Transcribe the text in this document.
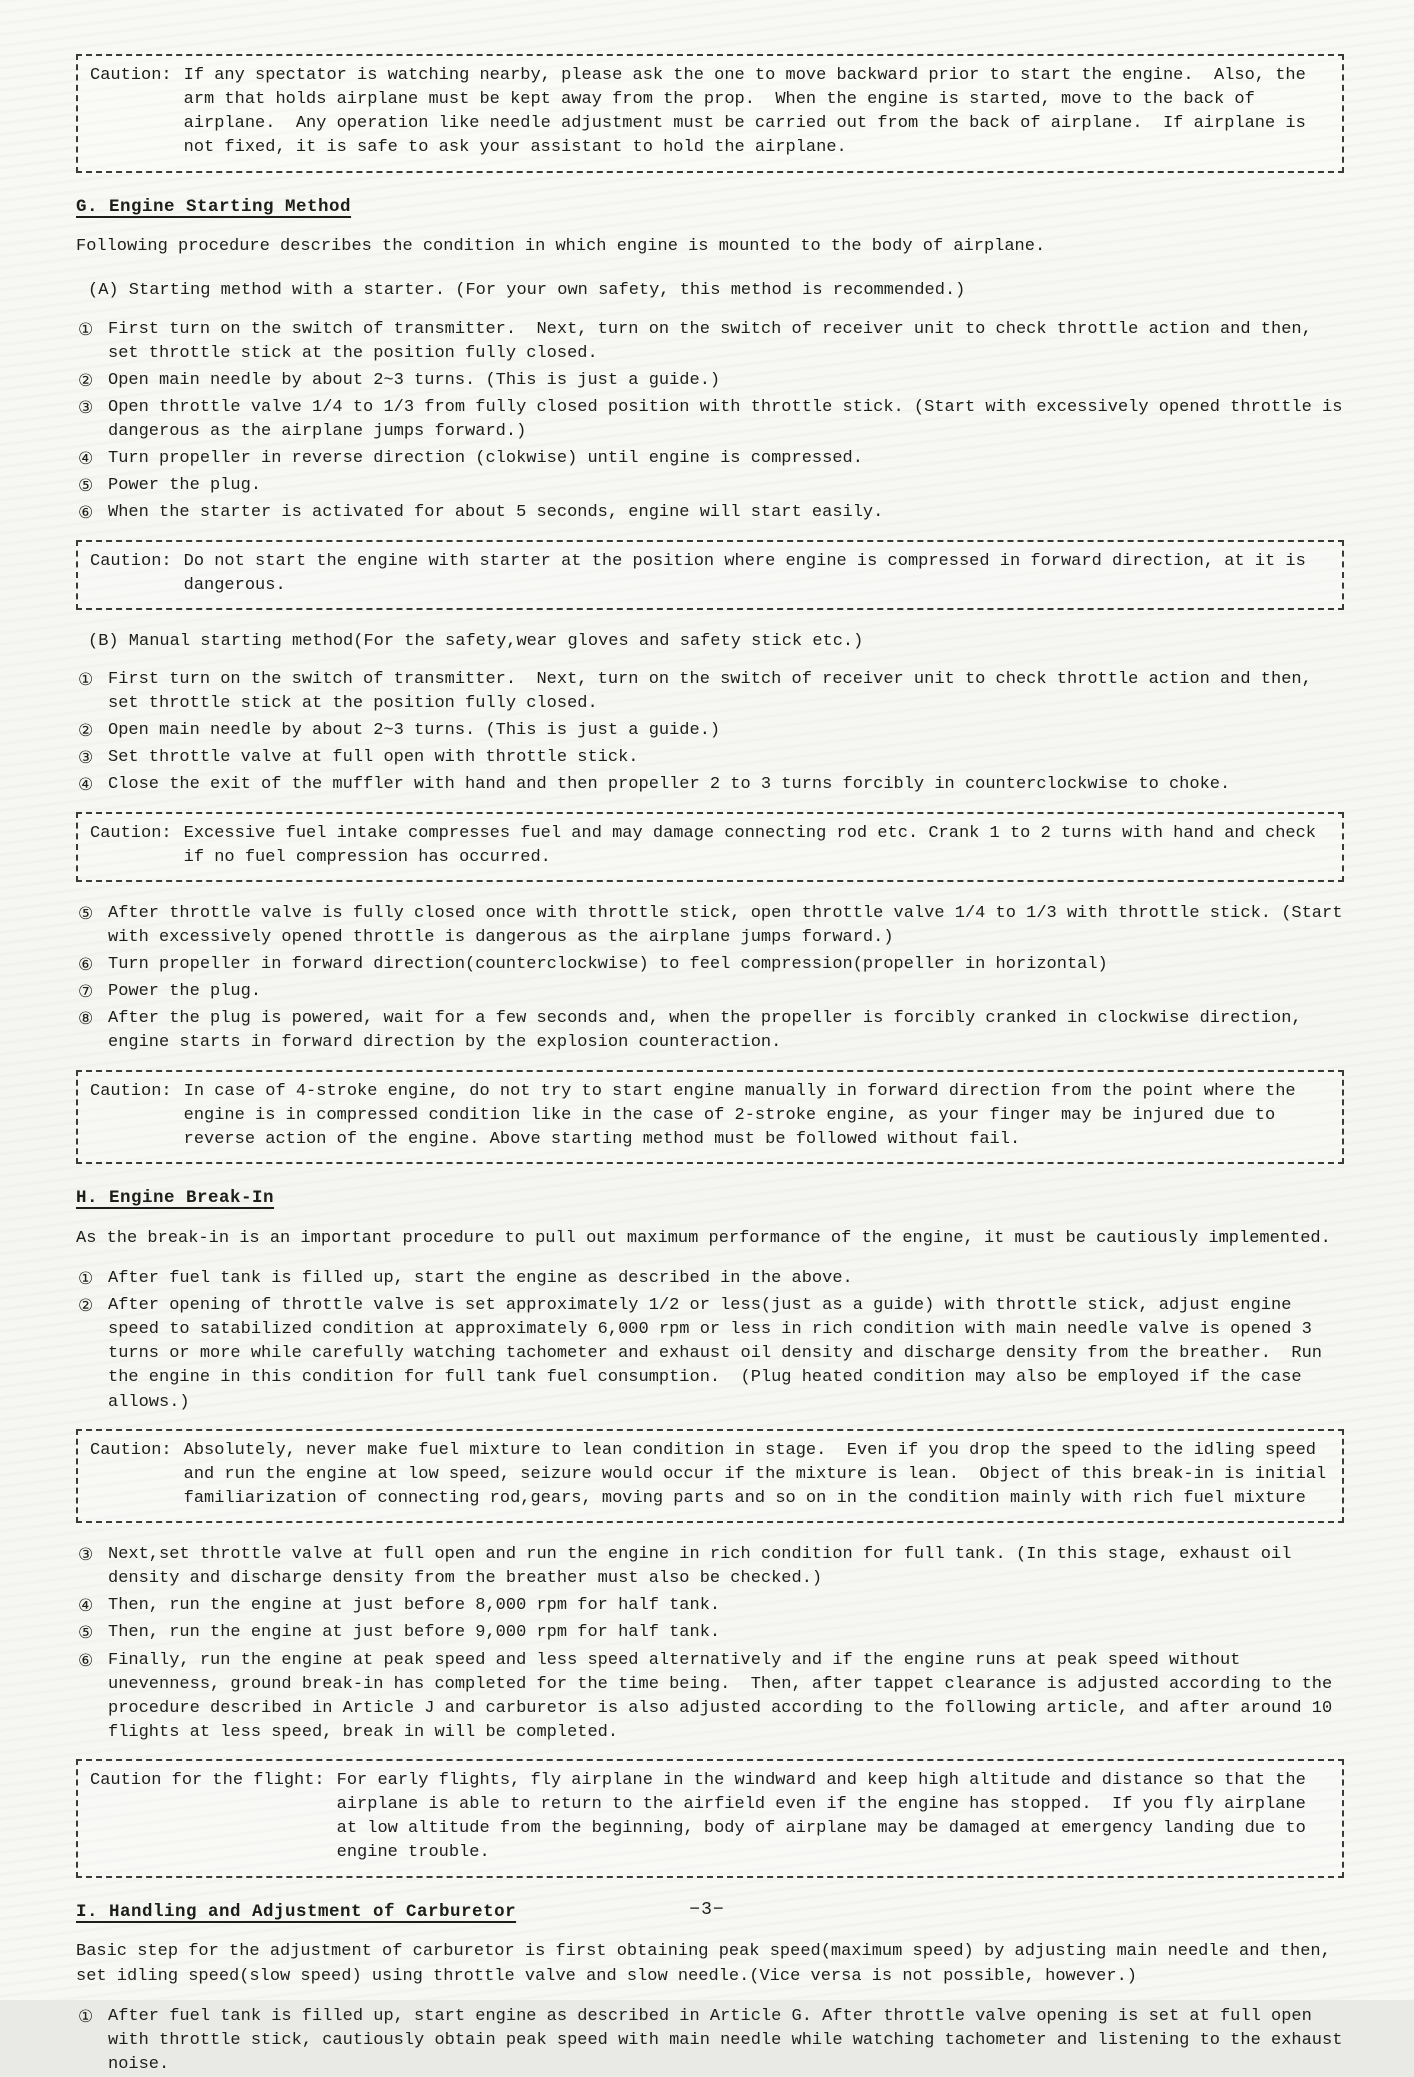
Caution: If any spectator is watching nearby, please ask the one to move backward prior to start the engine.  Also, the arm that holds airplane must be kept away from the prop.  When the engine is started, move to the back of airplane.  Any operation like needle adjustment must be carried out from the back of airplane.  If airplane is not fixed, it is safe to ask your assistant to hold the airplane.
G. Engine Starting Method

Following procedure describes the condition in which engine is mounted to the body of airplane.

(A) Starting method with a starter. (For your own safety, this method is recommended.)

① First turn on the switch of transmitter.  Next, turn on the switch of receiver unit to check throttle action and then, set throttle stick at the position fully closed.
② Open main needle by about 2~3 turns. (This is just a guide.)
③ Open throttle valve 1/4 to 1/3 from fully closed position with throttle stick. (Start with excessively opened throttle is dangerous as the airplane jumps forward.)
④ Turn propeller in reverse direction (clokwise) until engine is compressed.
⑤ Power the plug.
⑥ When the starter is activated for about 5 seconds, engine will start easily.
Caution: Do not start the engine with starter at the position where engine is compressed in forward direction, at it is dangerous.

(B) Manual starting method(For the safety,wear gloves and safety stick etc.)

① First turn on the switch of transmitter.  Next, turn on the switch of receiver unit to check throttle action and then, set throttle stick at the position fully closed.
② Open main needle by about 2~3 turns. (This is just a guide.)
③ Set throttle valve at full open with throttle stick.
④ Close the exit of the muffler with hand and then propeller 2 to 3 turns forcibly in counterclockwise to choke.
Caution: Excessive fuel intake compresses fuel and may damage connecting rod etc. Crank 1 to 2 turns with hand and check if no fuel compression has occurred.
⑤ After throttle valve is fully closed once with throttle stick, open throttle valve 1/4 to 1/3 with throttle stick. (Start with excessively opened throttle is dangerous as the airplane jumps forward.)
⑥ Turn propeller in forward direction(counterclockwise) to feel compression(propeller in horizontal)
⑦ Power the plug.
⑧ After the plug is powered, wait for a few seconds and, when the propeller is forcibly cranked in clockwise direction, engine starts in forward direction by the explosion counteraction.
Caution: In case of 4-stroke engine, do not try to start engine manually in forward direction from the point where the engine is in compressed condition like in the case of 2-stroke engine, as your finger may be injured due to reverse action of the engine. Above starting method must be followed without fail.
H. Engine Break-In

As the break-in is an important procedure to pull out maximum performance of the engine, it must be cautiously implemented.

① After fuel tank is filled up, start the engine as described in the above.
② After opening of throttle valve is set approximately 1/2 or less(just as a guide) with throttle stick, adjust engine speed to satabilized condition at approximately 6,000 rpm or less in rich condition with main needle valve is opened 3 turns or more while carefully watching tachometer and exhaust oil density and discharge density from the breather.  Run the engine in this condition for full tank fuel consumption.  (Plug heated condition may also be employed if the case allows.)
Caution: Absolutely, never make fuel mixture to lean condition in stage.  Even if you drop the speed to the idling speed and run the engine at low speed, seizure would occur if the mixture is lean.  Object of this break-in is initial familiarization of connecting rod,gears, moving parts and so on in the condition mainly with rich fuel mixture
③ Next,set throttle valve at full open and run the engine in rich condition for full tank. (In this stage, exhaust oil density and discharge density from the breather must also be checked.)
④ Then, run the engine at just before 8,000 rpm for half tank.
⑤ Then, run the engine at just before 9,000 rpm for half tank.
⑥ Finally, run the engine at peak speed and less speed alternatively and if the engine runs at peak speed without unevenness, ground break-in has completed for the time being.  Then, after tappet clearance is adjusted according to the procedure described in Article J and carburetor is also adjusted according to the following article, and after around 10 flights at less speed, break in will be completed.
Caution for the flight: For early flights, fly airplane in the windward and keep high altitude and distance so that the airplane is able to return to the airfield even if the engine has stopped.  If you fly airplane at low altitude from the beginning, body of airplane may be damaged at emergency landing due to engine trouble.
I. Handling and Adjustment of Carburetor

Basic step for the adjustment of carburetor is first obtaining peak speed(maximum speed) by adjusting main needle and then, set idling speed(slow speed) using throttle valve and slow needle.(Vice versa is not possible, however.)

① After fuel tank is filled up, start engine as described in Article G. After throttle valve opening is set at full open with throttle stick, cautiously obtain peak speed with main needle while watching tachometer and listening to the exhaust noise.
−3−
